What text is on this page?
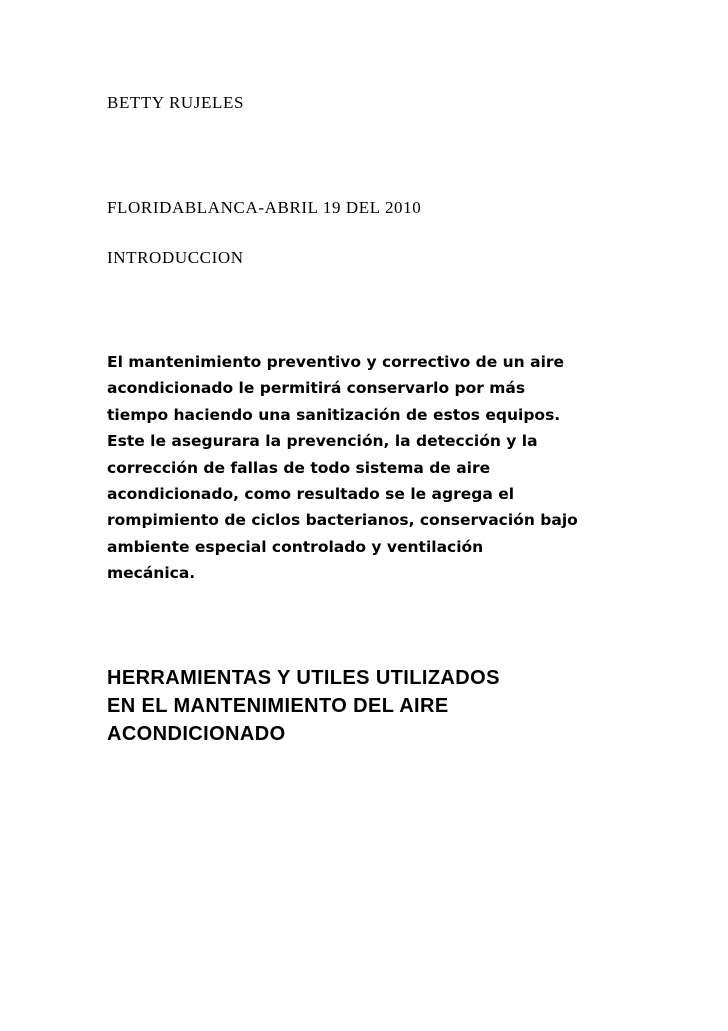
BETTY RUJELES

FLORIDABLANCA-ABRIL 19 DEL 2010

INTRODUCCION

El mantenimiento preventivo y correctivo de un aire
acondicionado le permitirá conservarlo por más
tiempo haciendo una sanitización de estos equipos.
Este le asegurara la prevención, la detección y la
corrección de fallas de todo sistema de aire
acondicionado, como resultado se le agrega el
rompimiento de ciclos bacterianos, conservación bajo
ambiente especial controlado y ventilación
mecánica.

HERRAMIENTAS Y UTILES UTILIZADOS
EN EL MANTENIMIENTO DEL AIRE
ACONDICIONADO
